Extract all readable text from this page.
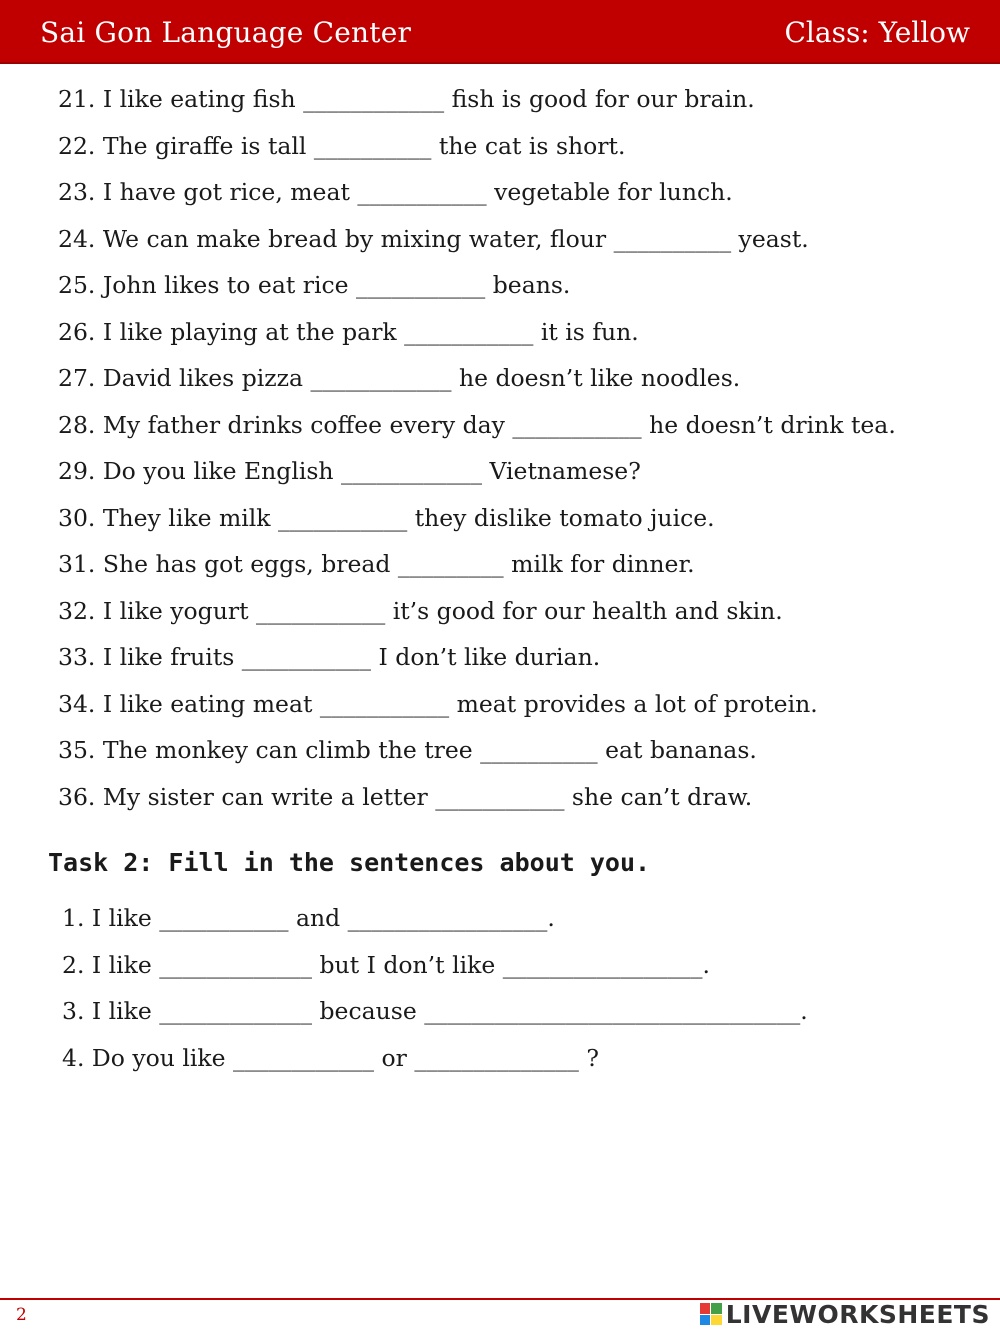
Sai Gon Language Center	Class: Yellow
21. I like eating fish ____________ fish is good for our brain.
22. The giraffe is tall __________ the cat is short.
23. I have got rice, meat ___________ vegetable for lunch.
24. We can make bread by mixing water, flour __________ yeast.
25. John likes to eat rice ___________ beans.
26. I like playing at the park ___________ it is fun.
27. David likes pizza ____________ he doesn’t like noodles.
28. My father drinks coffee every day ___________ he doesn’t drink tea.
29. Do you like English ____________ Vietnamese?
30. They like milk ___________ they dislike tomato juice.
31. She has got eggs, bread _________ milk for dinner.
32. I like yogurt ___________ it’s good for our health and skin.
33. I like fruits ___________ I don’t like durian.
34. I like eating meat ___________ meat provides a lot of protein.
35. The monkey can climb the tree __________ eat bananas.
36. My sister can write a letter ___________ she can’t draw.
Task 2: Fill in the sentences about you.
1. I like ___________ and _________________.
2. I like _____________ but I don’t like _________________.
3. I like _____________ because ________________________________.
4. Do you like ____________ or ______________ ?
2	LIVEWORKSHEETS
